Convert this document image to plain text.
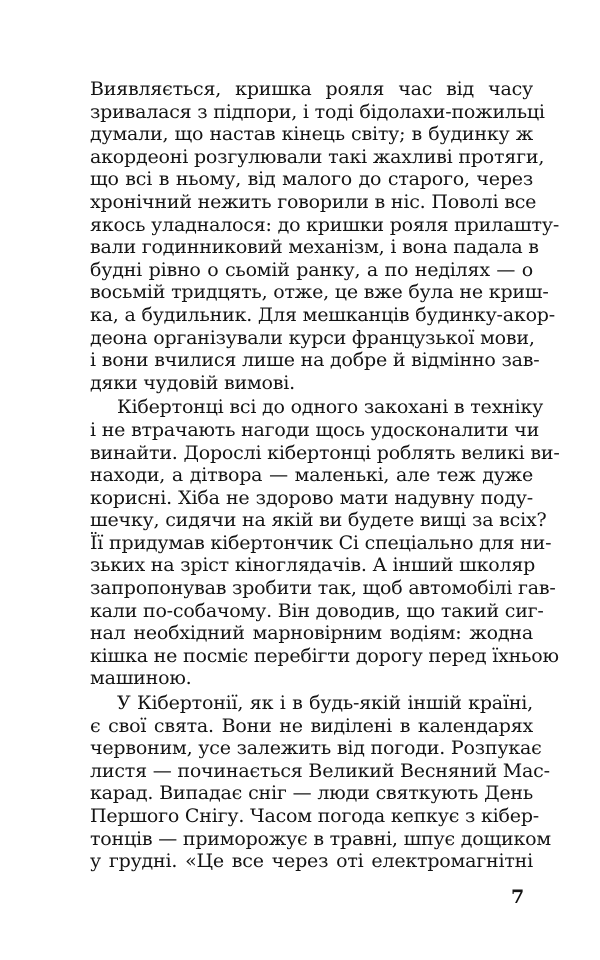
Виявляється, кришка рояля час від часу
зривалася з підпори, і тоді бідолахи-пожильці
думали, що настав кінець світу; в будинку ж
акордеоні розгулювали такі жахливі протяги,
що всі в ньому, від малого до старого, через
хронічний нежить говорили в ніс. Поволі все
якось уладналося: до кришки рояля прилашту-
вали годинниковий механізм, і вона падала в
будні рівно о сьомій ранку, а по неділях — о
восьмій тридцять, отже, це вже була не криш-
ка, а будильник. Для мешканців будинку-акор-
деона організували курси французької мови,
і вони вчилися лише на добре й відмінно зав-
дяки чудовій вимові.
Кібертонці всі до одного закохані в техніку
і не втрачають нагоди щось удосконалити чи
винайти. Дорослі кібертонці роблять великі ви-
находи, а дітвора — маленькі, але теж дуже
корисні. Хіба не здорово мати надувну поду-
шечку, сидячи на якій ви будете вищі за всіх?
Її придумав кібертончик Сі спеціально для ни-
зьких на зріст кіноглядачів. А інший школяр
запропонував зробити так, щоб автомобілі гав-
кали по-собачому. Він доводив, що такий сиг-
нал необхідний марновірним водіям: жодна
кішка не посміє перебігти дорогу перед їхньою
машиною.
У Кібертонії, як і в будь-якій іншій країні,
є свої свята. Вони не виділені в календарях
червоним, усе залежить від погоди. Розпукає
листя — починається Великий Весняний Мас-
карад. Випадає сніг — люди святкують День
Першого Снігу. Часом погода кепкує з кібер-
тонців — приморожує в травні, шпує дощиком
у грудні. «Це все через оті електромагнітні
7
